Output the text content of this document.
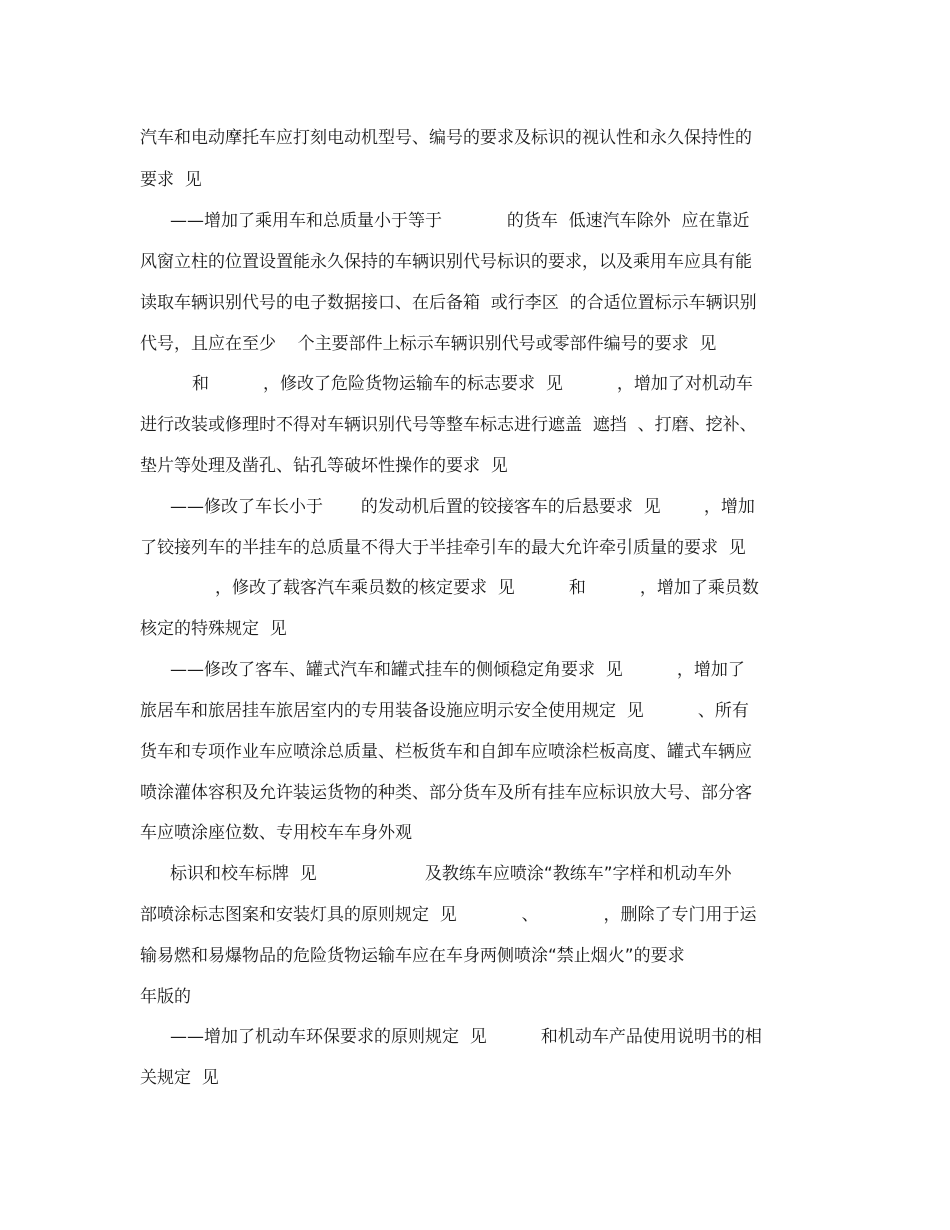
汽车和电动摩托车应打刻电动机型号、编号的要求及标识的视认性和永久保持性的
要求  见
——增加了乘用车和总质量小于等于            的货车  低速汽车除外  应在靠近
风窗立柱的位置设置能永久保持的车辆识别代号标识的要求，以及乘用车应具有能
读取车辆识别代号的电子数据接口、在后备箱  或行李区  的合适位置标示车辆识别
代号，且应在至少    个主要部件上标示车辆识别代号或零部件编号的要求  见
和          ，修改了危险货物运输车的标志要求  见          ，增加了对机动车
进行改装或修理时不得对车辆识别代号等整车标志进行遮盖  遮挡  、打磨、挖补、
垫片等处理及凿孔、钻孔等破坏性操作的要求  见
——修改了车长小于       的发动机后置的铰接客车的后悬要求  见        ，增加
了铰接列车的半挂车的总质量不得大于半挂牵引车的最大允许牵引质量的要求  见
，修改了载客汽车乘员数的核定要求  见          和          ，增加了乘员数
核定的特殊规定  见
——修改了客车、罐式汽车和罐式挂车的侧倾稳定角要求  见          ，增加了
旅居车和旅居挂车旅居室内的专用装备设施应明示安全使用规定  见          、所有
货车和专项作业车应喷涂总质量、栏板货车和自卸车应喷涂栏板高度、罐式车辆应
喷涂灌体容积及允许装运货物的种类、部分货车及所有挂车应标识放大号、部分客
车应喷涂座位数、专用校车车身外观
标识和校车标牌  见                    及教练车应喷涂“教练车”字样和机动车外
部喷涂标志图案和安装灯具的原则规定  见            、            ，删除了专门用于运
输易燃和易爆物品的危险货物运输车应在车身两侧喷涂“禁止烟火”的要求
年版的
——增加了机动车环保要求的原则规定  见          和机动车产品使用说明书的相
关规定  见
